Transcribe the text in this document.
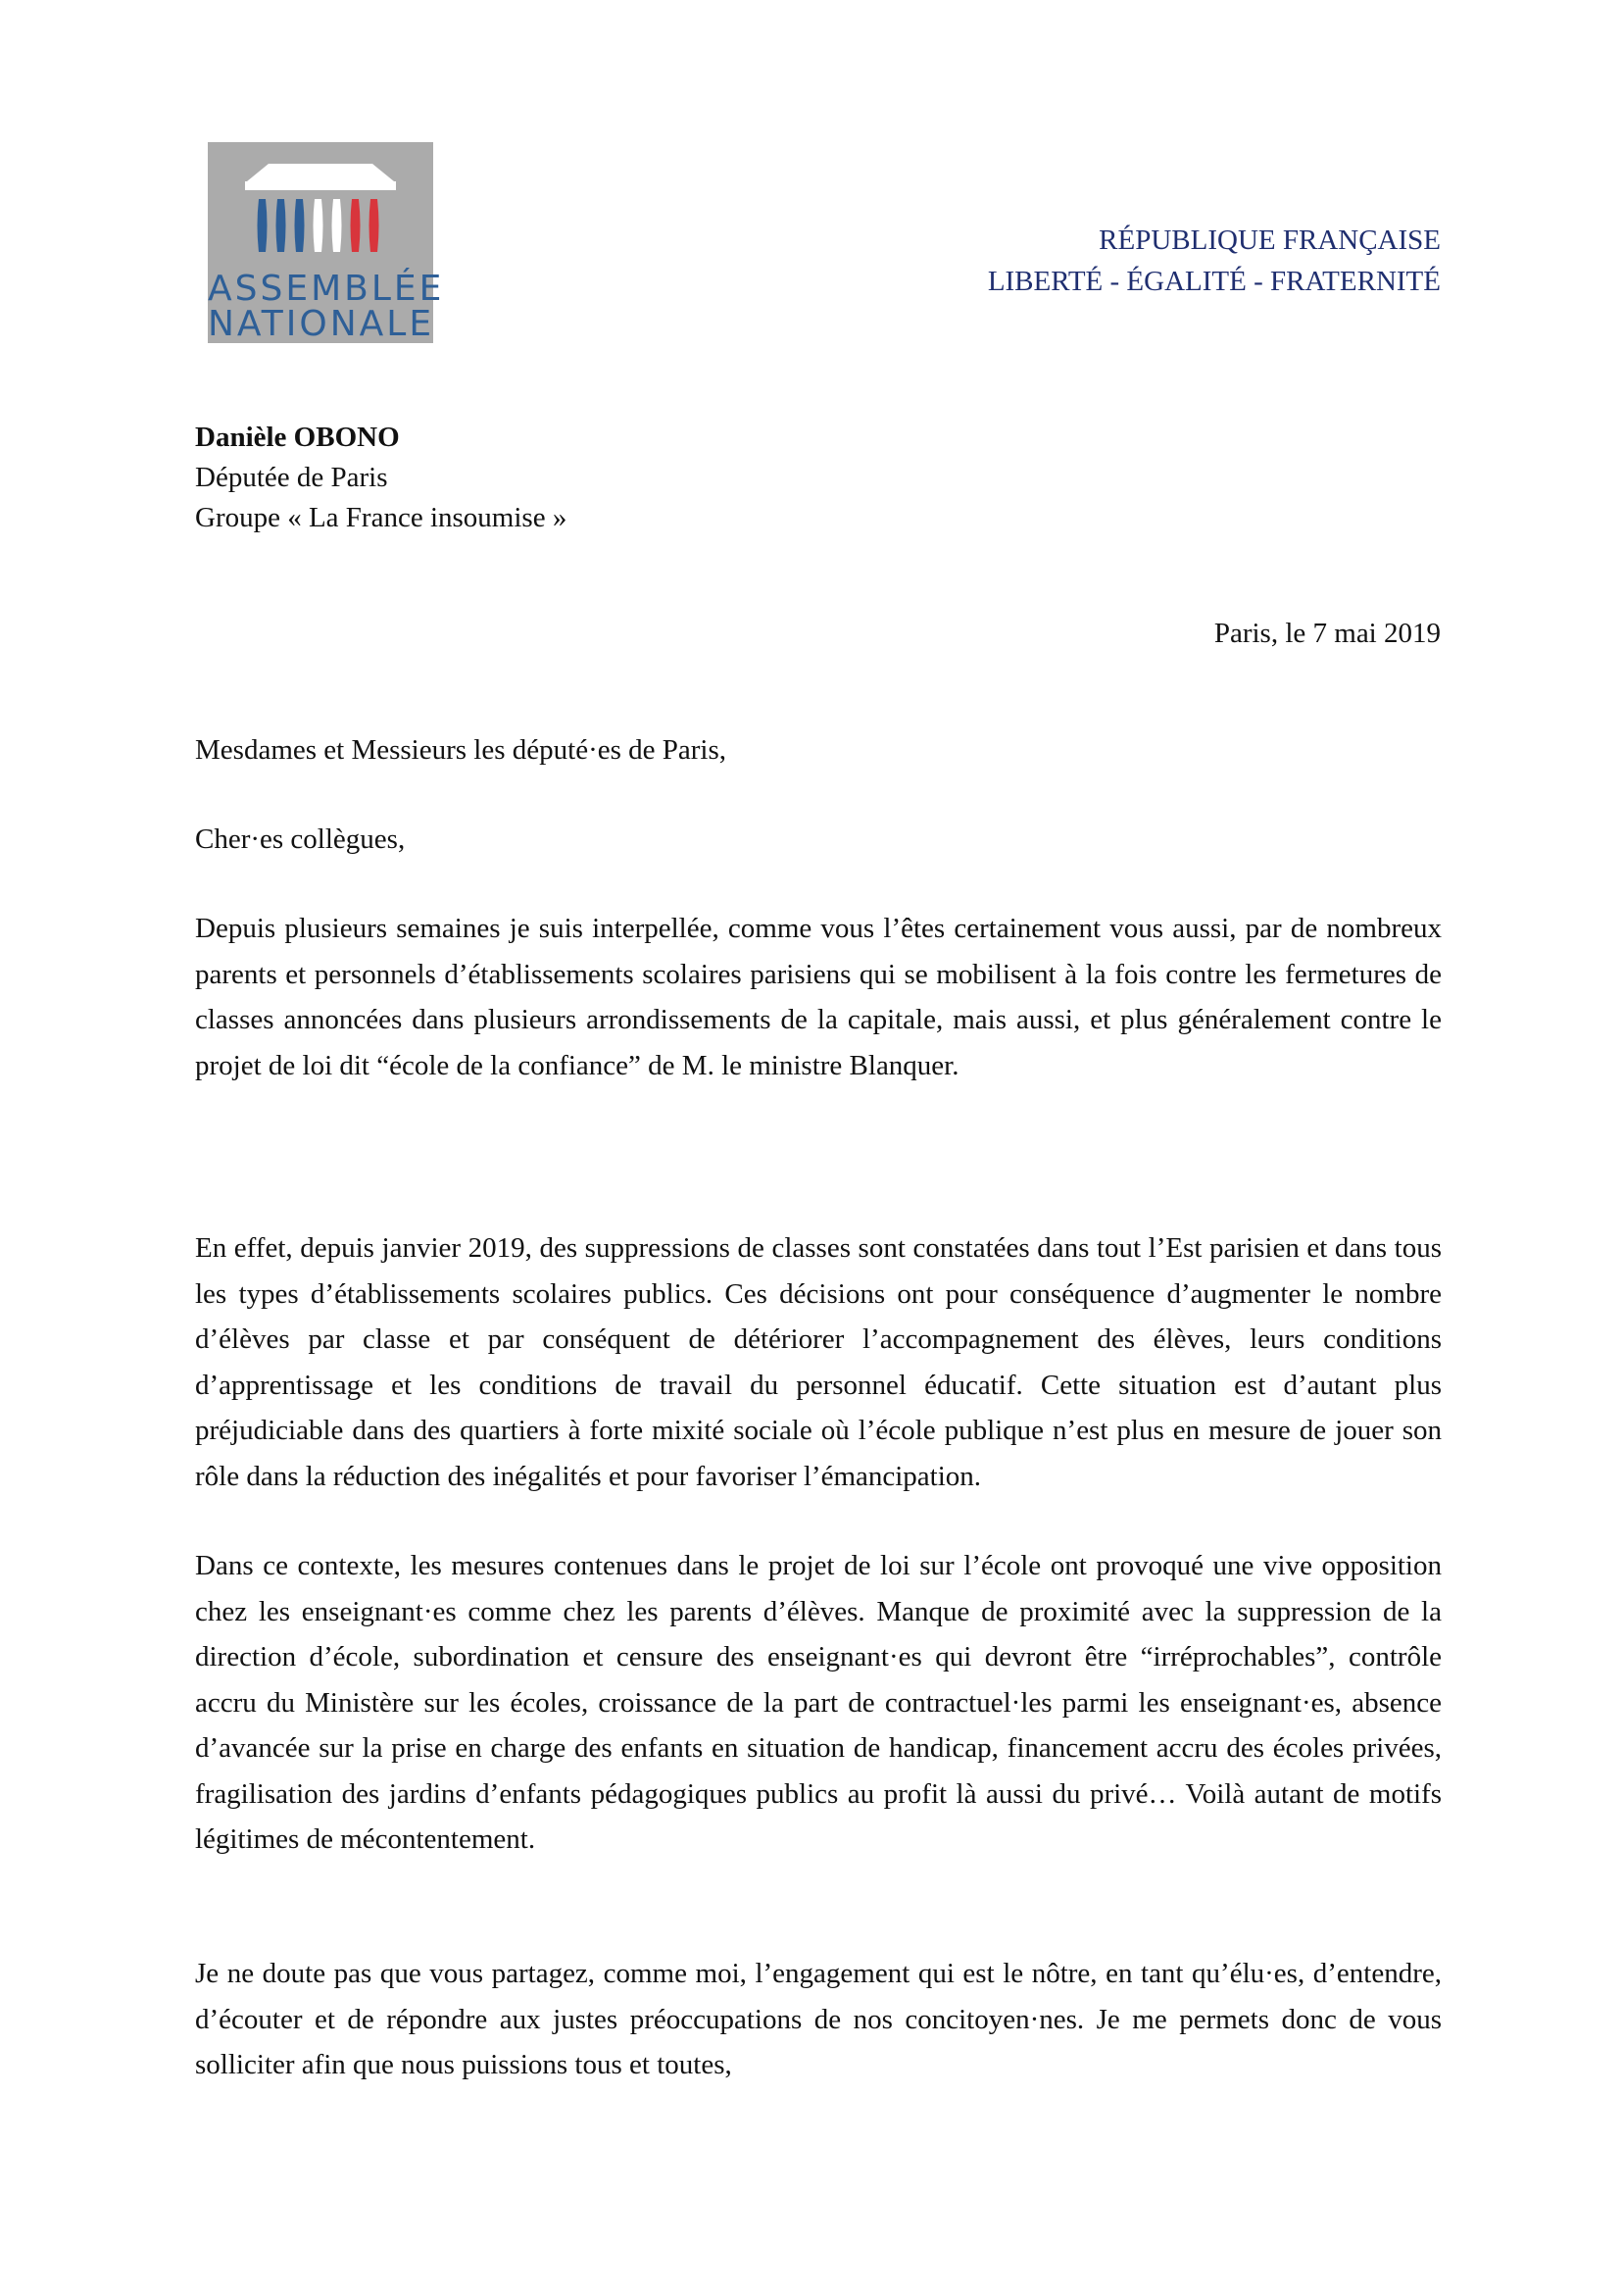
ASSEMBLÉE
NATIONALE
RÉPUBLIQUE FRANÇAISE
LIBERTÉ - ÉGALITÉ - FRATERNITÉ
Danièle OBONO
Députée de Paris
Groupe « La France insoumise »
Paris, le 7 mai 2019
Mesdames et Messieurs les député·es de Paris,
Cher·es collègues,

Depuis plusieurs semaines je suis interpellée, comme vous l’êtes certainement vous aussi, par de nombreux parents et personnels d’établissements scolaires parisiens qui se mobilisent à la fois contre les fermetures de classes annoncées dans plusieurs arrondissements de la capitale, mais aussi, et plus généralement contre le projet de loi dit “école de la confiance” de M. le ministre Blanquer.

En effet, depuis janvier 2019, des suppressions de classes sont constatées dans tout l’Est parisien et dans tous les types d’établissements scolaires publics. Ces décisions ont pour conséquence d’augmenter le nombre d’élèves par classe et par conséquent de détériorer l’accompagnement des élèves, leurs conditions d’apprentissage et les conditions de travail du personnel éducatif. Cette situation est d’autant plus préjudiciable dans des quartiers à forte mixité sociale où l’école publique n’est plus en mesure de jouer son rôle dans la réduction des inégalités et pour favoriser l’émancipation.

Dans ce contexte, les mesures contenues dans le projet de loi sur l’école ont provoqué une vive opposition chez les enseignant·es comme chez les parents d’élèves. Manque de proximité avec la suppression de la direction d’école, subordination et censure des enseignant·es qui devront être “irréprochables”, contrôle accru du Ministère sur les écoles, croissance de la part de contractuel·les parmi les enseignant·es, absence d’avancée sur la prise en charge des enfants en situation de handicap, financement accru des écoles privées, fragilisation des jardins d’enfants pédagogiques publics au profit là aussi du privé… Voilà autant de motifs légitimes de mécontentement.

Je ne doute pas que vous partagez, comme moi, l’engagement qui est le nôtre, en tant qu’élu·es, d’entendre, d’écouter et de répondre aux justes préoccupations de nos concitoyen·nes. Je me permets donc de vous solliciter afin que nous puissions tous et toutes,
